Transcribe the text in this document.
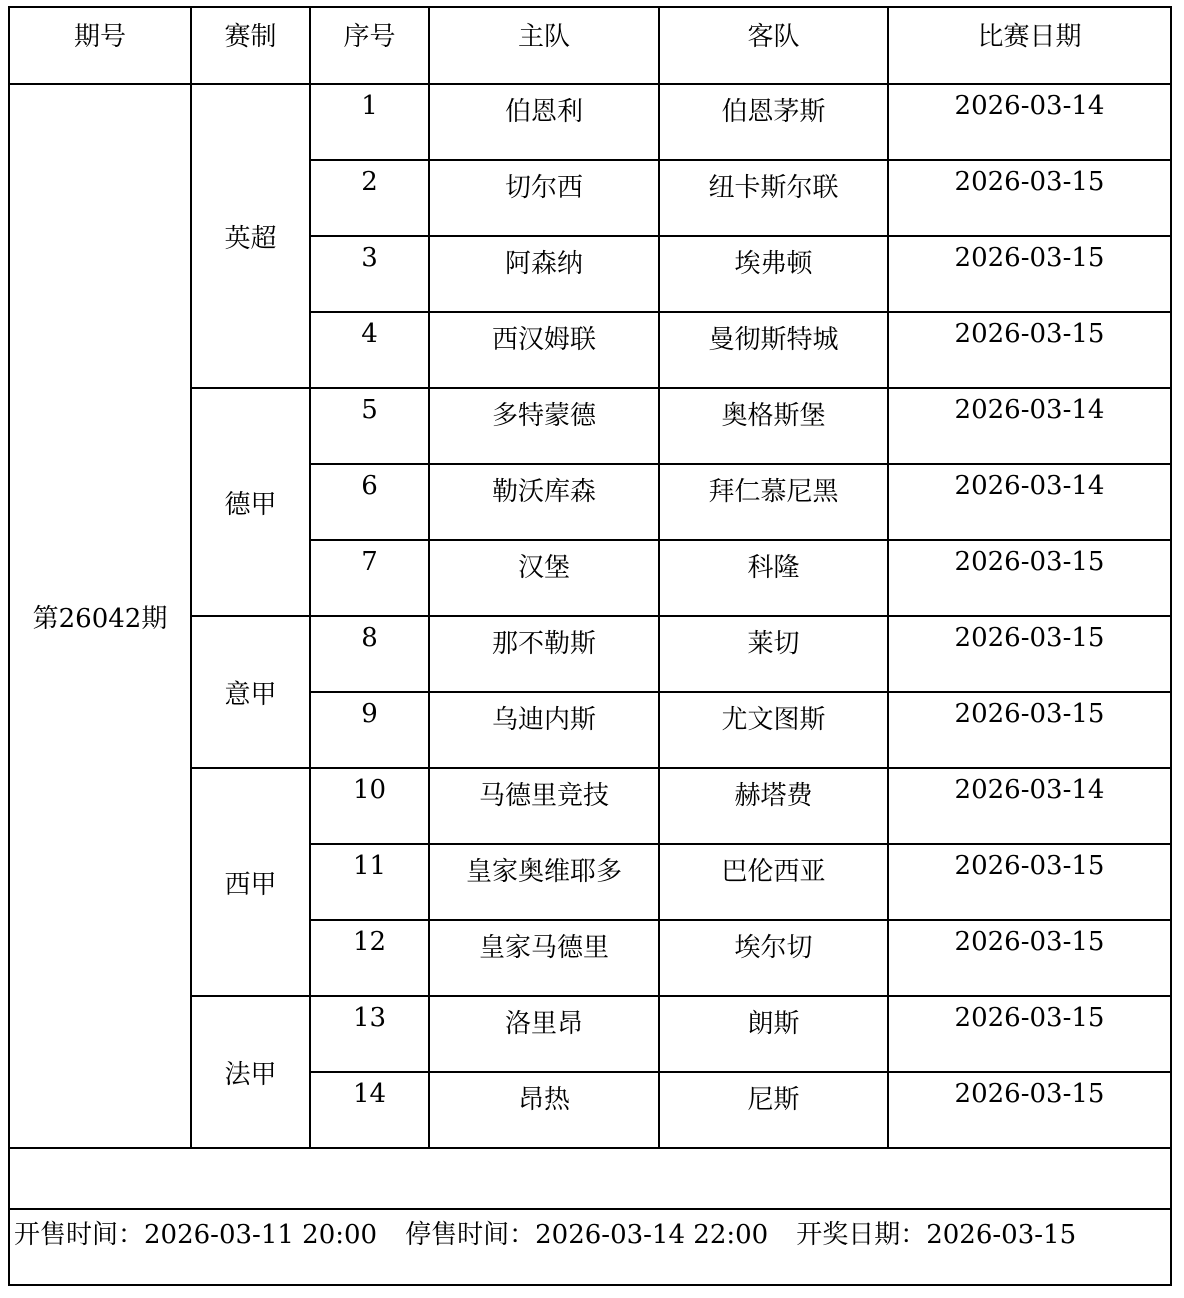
期号	赛制	序号	主队	客队	比赛日期
第26042期	英超	1	伯恩利	伯恩茅斯	2026-03-14
		2	切尔西	纽卡斯尔联	2026-03-15
		3	阿森纳	埃弗顿	2026-03-15
		4	西汉姆联	曼彻斯特城	2026-03-15
	德甲	5	多特蒙德	奥格斯堡	2026-03-14
		6	勒沃库森	拜仁慕尼黑	2026-03-14
		7	汉堡	科隆	2026-03-15
	意甲	8	那不勒斯	莱切	2026-03-15
		9	乌迪内斯	尤文图斯	2026-03-15
	西甲	10	马德里竞技	赫塔费	2026-03-14
		11	皇家奥维耶多	巴伦西亚	2026-03-15
		12	皇家马德里	埃尔切	2026-03-15
	法甲	13	洛里昂	朗斯	2026-03-15
		14	昂热	尼斯	2026-03-15

开售时间：2026-03-11 20:00 停售时间：2026-03-14 22:00 开奖日期：2026-03-15					
